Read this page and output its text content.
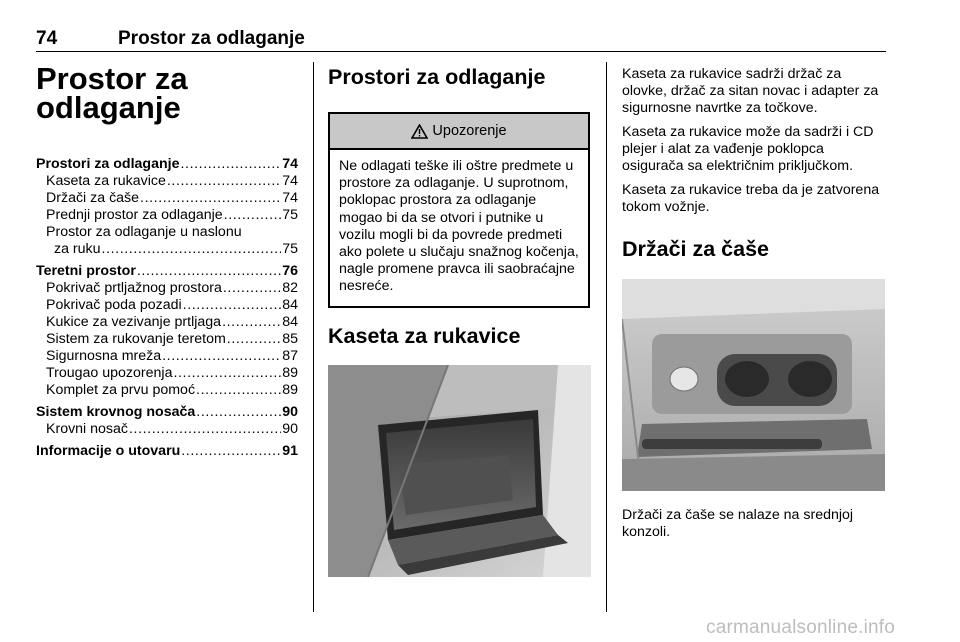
74	Prostor za odlaganje
Prostor za
odlaganje
Prostori za odlaganje .....	74
Kaseta za rukavice .....	74
Držači za čaše .....	74
Prednji prostor za odlaganje .....	75
Prostor za odlaganje u naslonu
za ruku .....	75
Teretni prostor .....	76
Pokrivač prtljažnog prostora .....	82
Pokrivač poda pozadi .....	84
Kukice za vezivanje prtljaga .....	84
Sistem za rukovanje teretom .....	85
Sigurnosna mreža .....	87
Trougao upozorenja .....	89
Komplet za prvu pomoć .....	89
Sistem krovnog nosača .....	90
Krovni nosač .....	90
Informacije o utovaru .....	91
Prostori za odlaganje
Upozorenje
Ne odlagati teške ili oštre predmete u prostore za odlaganje. U suprotnom, poklopac prostora za odlaganje mogao bi da se otvori i putnike u vozilu mogli bi da povrede predmeti ako polete u slučaju snažnog kočenja, nagle promene pravca ili saobraćajne nesreće.
Kaseta za rukavice
Kaseta za rukavice sadrži držač za olovke, držač za sitan novac i adapter za sigurnosne navrtke za točkove.
Kaseta za rukavice može da sadrži i CD plejer i alat za vađenje poklopca osigurača sa električnim priključkom.
Kaseta za rukavice treba da je zatvorena tokom vožnje.
Držači za čaše
Držači za čaše se nalaze na srednjoj konzoli.
carmanualsonline.info
